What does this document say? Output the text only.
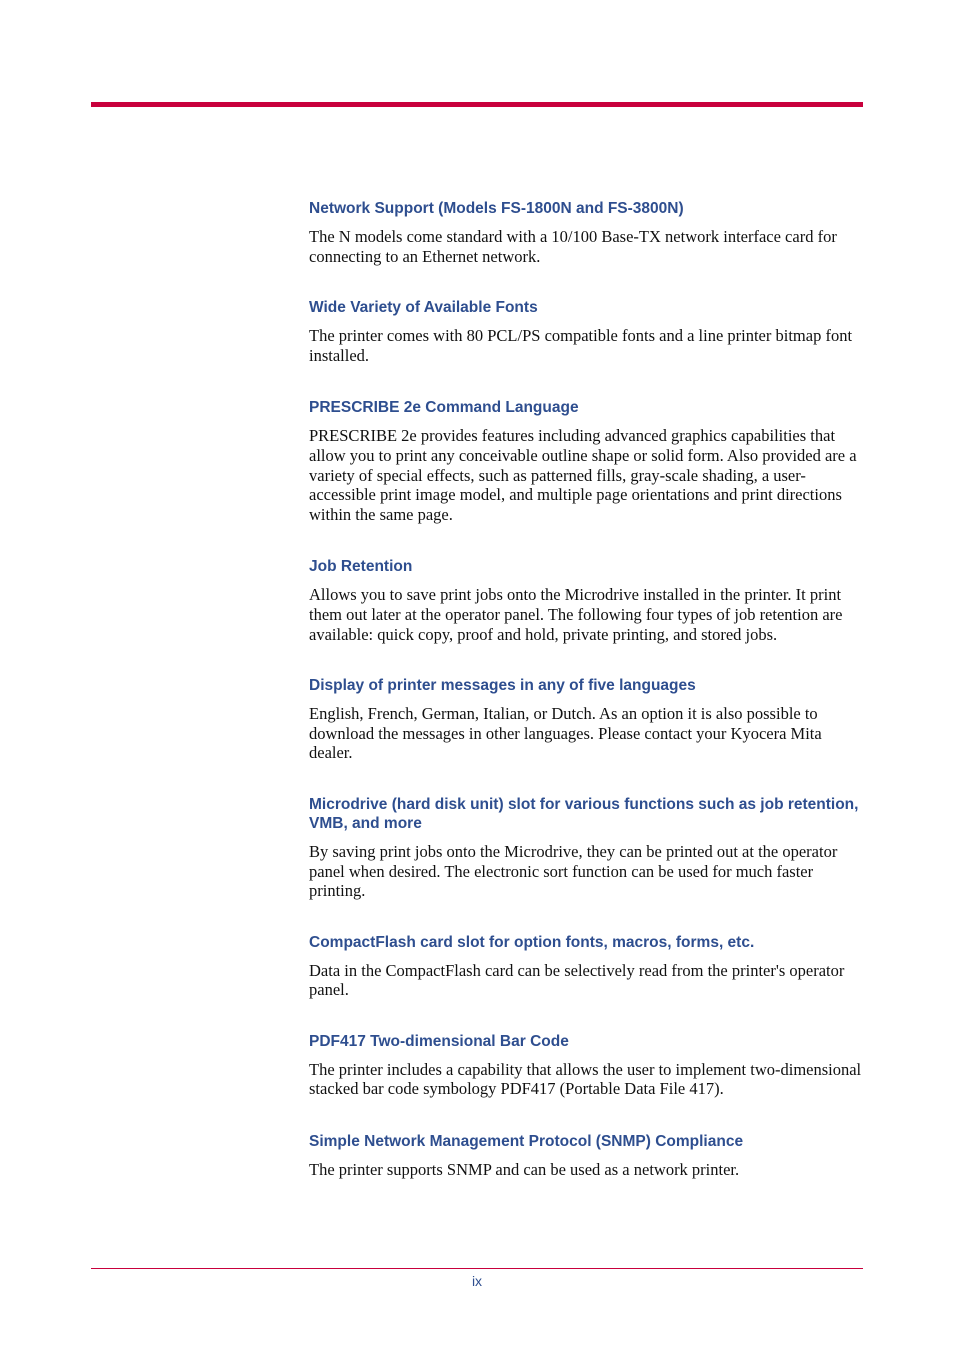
Network Support (Models FS-1800N and FS-3800N)

The N models come standard with a 10/100 Base-TX network interface card for connecting to an Ethernet network.

Wide Variety of Available Fonts

The printer comes with 80 PCL/PS compatible fonts and a line printer bitmap font installed.

PRESCRIBE 2e Command Language

PRESCRIBE 2e provides features including advanced graphics capabilities that allow you to print any conceivable outline shape or solid form. Also provided are a variety of special effects, such as patterned fills, gray-scale shading, a user-accessible print image model, and multiple page orientations and print directions within the same page.

Job Retention

Allows you to save print jobs onto the Microdrive installed in the printer. It print them out later at the operator panel. The following four types of job retention are available: quick copy, proof and hold, private printing, and stored jobs.

Display of printer messages in any of five languages

English, French, German, Italian, or Dutch. As an option it is also possible to download the messages in other languages. Please contact your Kyocera Mita dealer.

Microdrive (hard disk unit) slot for various functions such as job retention, VMB, and more

By saving print jobs onto the Microdrive, they can be printed out at the operator panel when desired. The electronic sort function can be used for much faster printing.

CompactFlash card slot for option fonts, macros, forms, etc.

Data in the CompactFlash card can be selectively read from the printer's operator panel.

PDF417 Two-dimensional Bar Code

The printer includes a capability that allows the user to implement two-dimensional stacked bar code symbology PDF417 (Portable Data File 417).

Simple Network Management Protocol (SNMP) Compliance

The printer supports SNMP and can be used as a network printer.

ix
